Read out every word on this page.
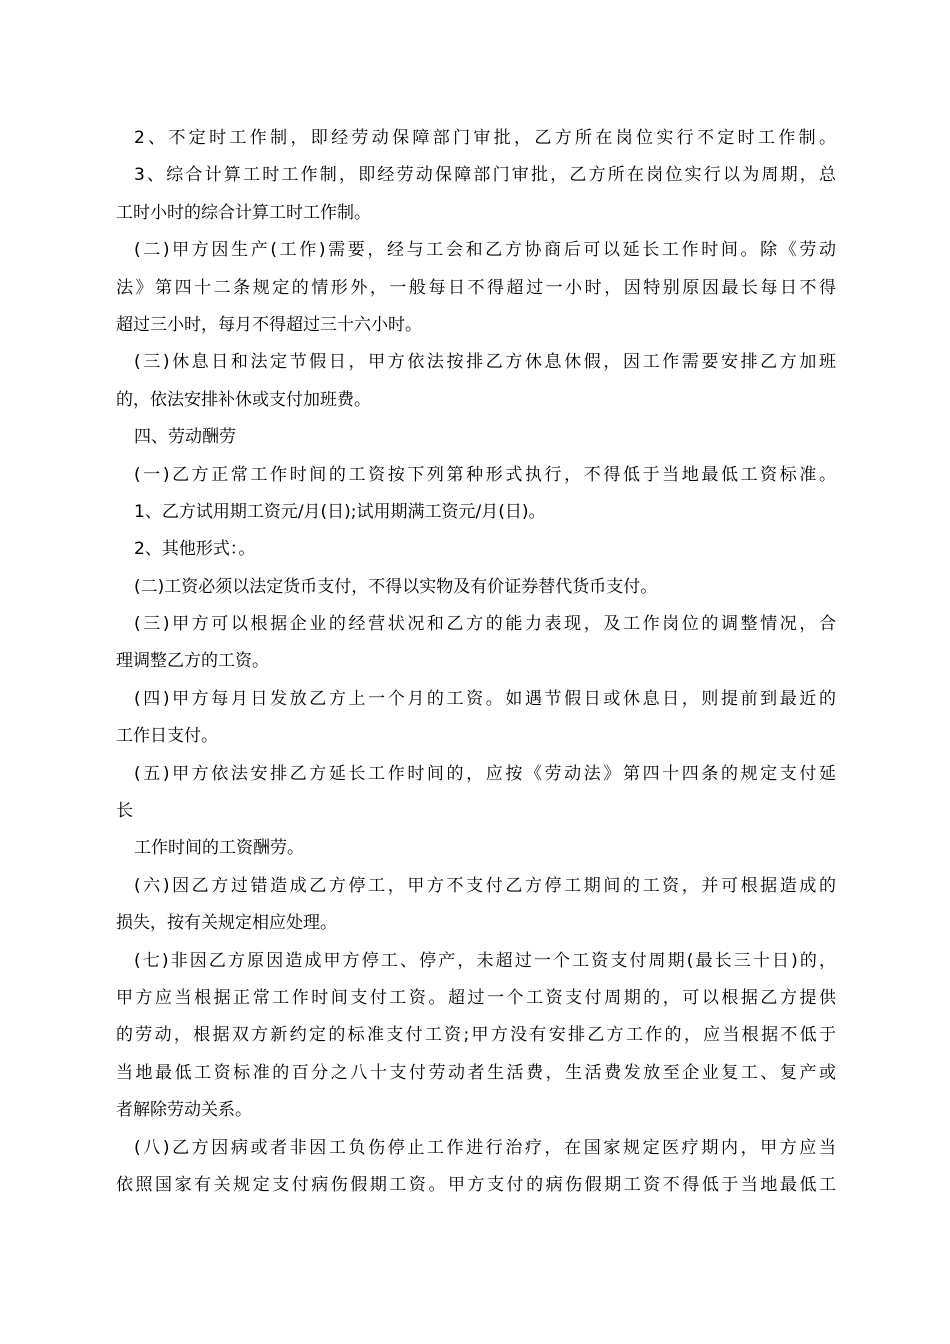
2、不定时工作制，即经劳动保障部门审批，乙方所在岗位实行不定时工作制。
3、综合计算工时工作制，即经劳动保障部门审批，乙方所在岗位实行以为周期，总
工时小时的综合计算工时工作制。
(二)甲方因生产(工作)需要，经与工会和乙方协商后可以延长工作时间。除《劳动
法》第四十二条规定的情形外，一般每日不得超过一小时，因特别原因最长每日不得
超过三小时，每月不得超过三十六小时。
(三)休息日和法定节假日，甲方依法按排乙方休息休假，因工作需要安排乙方加班
的，依法安排补休或支付加班费。
四、劳动酬劳
(一)乙方正常工作时间的工资按下列第种形式执行，不得低于当地最低工资标准。
1、乙方试用期工资元/月(日);试用期满工资元/月(日)。
2、其他形式：。
(二)工资必须以法定货币支付，不得以实物及有价证券替代货币支付。
(三)甲方可以根据企业的经营状况和乙方的能力表现，及工作岗位的调整情况，合
理调整乙方的工资。
(四)甲方每月日发放乙方上一个月的工资。如遇节假日或休息日，则提前到最近的
工作日支付。
(五)甲方依法安排乙方延长工作时间的，应按《劳动法》第四十四条的规定支付延
长
工作时间的工资酬劳。
(六)因乙方过错造成乙方停工，甲方不支付乙方停工期间的工资，并可根据造成的
损失，按有关规定相应处理。
(七)非因乙方原因造成甲方停工、停产，未超过一个工资支付周期(最长三十日)的，
甲方应当根据正常工作时间支付工资。超过一个工资支付周期的，可以根据乙方提供
的劳动，根据双方新约定的标准支付工资;甲方没有安排乙方工作的，应当根据不低于
当地最低工资标准的百分之八十支付劳动者生活费，生活费发放至企业复工、复产或
者解除劳动关系。
(八)乙方因病或者非因工负伤停止工作进行治疗，在国家规定医疗期内，甲方应当
依照国家有关规定支付病伤假期工资。甲方支付的病伤假期工资不得低于当地最低工
